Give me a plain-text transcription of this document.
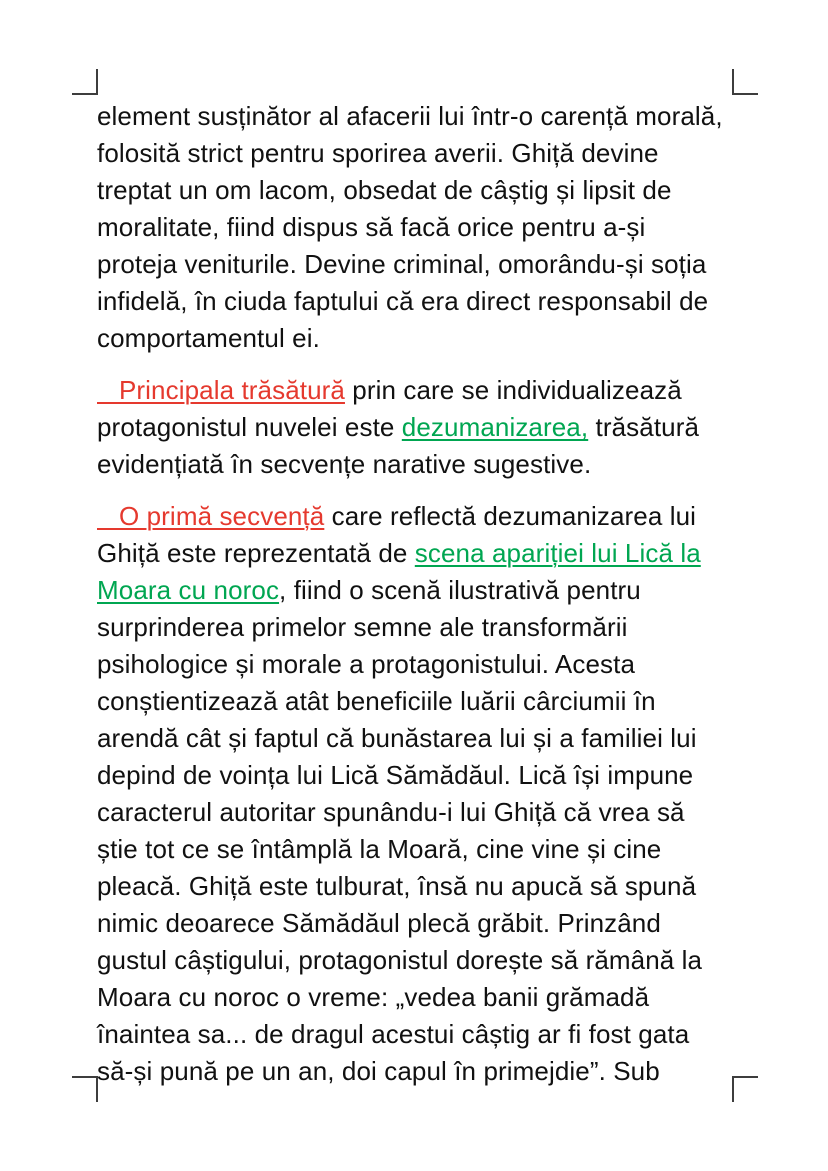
element susținător al afacerii lui într-o carență morală, folosită strict pentru sporirea averii. Ghiță devine treptat un om lacom, obsedat de câștig și lipsit de moralitate, fiind dispus să facă orice pentru a-și proteja veniturile. Devine criminal, omorându-și soția infidelă, în ciuda faptului că era direct responsabil de comportamentul ei.

Principala trăsătură prin care se individualizează protagonistul nuvelei este dezumanizarea, trăsătură evidențiată în secvențe narative sugestive.

O primă secvență care reflectă dezumanizarea lui Ghiță este reprezentată de scena apariției lui Lică la Moara cu noroc, fiind o scenă ilustrativă pentru surprinderea primelor semne ale transformării psihologice și morale a protagonistului. Acesta conștientizează atât beneficiile luării cârciumii în arendă cât și faptul că bunăstarea lui și a familiei lui depind de voința lui Lică Sămădăul. Lică își impune caracterul autoritar spunându-i lui Ghiță că vrea să știe tot ce se întâmplă la Moară, cine vine și cine pleacă. Ghiță este tulburat, însă nu apucă să spună nimic deoarece Sămădăul plecă grăbit. Prinzând gustul câștigului, protagonistul dorește să rămână la Moara cu noroc o vreme: „vedea banii grămadă înaintea sa... de dragul acestui câștig ar fi fost gata să-și pună pe un an, doi capul în primejdie”. Sub
